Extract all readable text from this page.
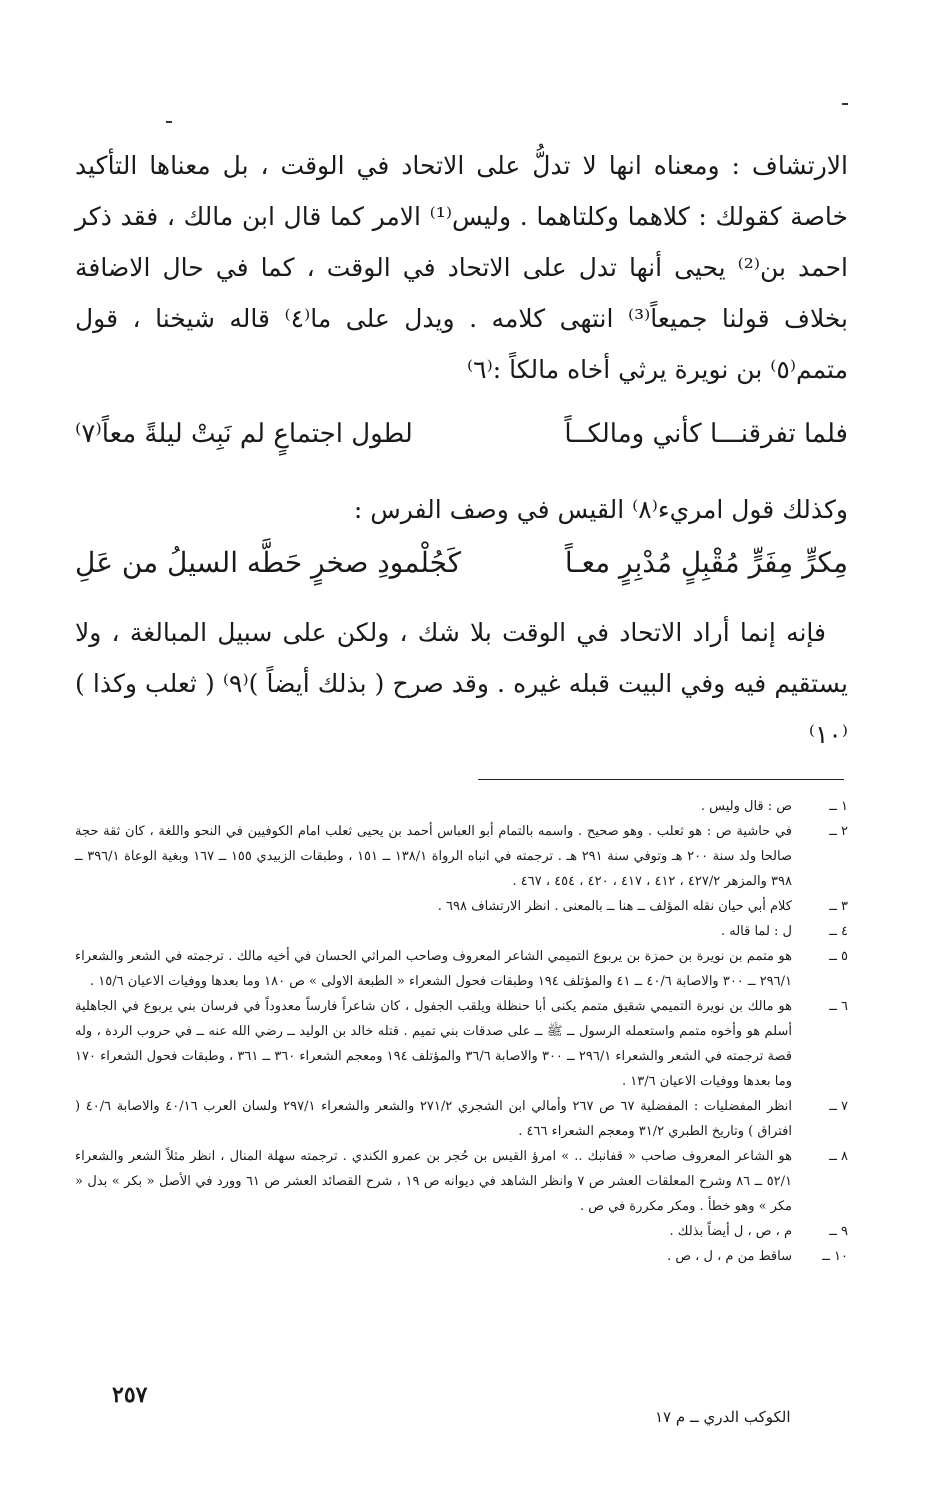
الارتشاف : ومعناه انها لا تدلُّ على الاتحاد في الوقت ، بل معناها التأكيد خاصة كقولك : كلاهما وكلتاهما . وليس⁽¹⁾ الامر كما قال ابن مالك ، فقد ذكر احمد بن⁽²⁾ يحيى أنها تدل على الاتحاد في الوقت ، كما في حال الاضافة بخلاف قولنا جميعاً⁽³⁾ انتهى كلامه . ويدل على ما⁽٤⁾ قاله شيخنا ، قول متمم⁽٥⁾ بن نويرة يرثي أخاه مالكاً :⁽٦⁾

فلما تفرقنـــا كأني ومالكــاً
لطول اجتماعٍ لم نَبِتْ ليلةً معاً⁽٧⁾

وكذلك قول امريء⁽٨⁾ القيس في وصف الفرس :

مِكرٍّ مِفَرٍّ مُقْبِلٍ مُدْبِرٍ معـاً
كَجُلْمودِ صخرٍ حَطَّه السيلُ من عَلِ

فإنه إنما أراد الاتحاد في الوقت بلا شك ، ولكن على سبيل المبالغة ، ولا يستقيم فيه وفي البيت قبله غيره . وقد صرح ( بذلك أيضاً )⁽٩⁾ ( ثعلب وكذا )⁽١٠⁾

١ ــ
ص : قال وليس .
٢ ــ
في حاشية ص : هو ثعلب . وهو صحيح . واسمه بالتمام أبو العباس أحمد بن يحيى ثعلب امام الكوفيين في النحو واللغة ، كان ثقة حجة صالحا ولد سنة ٢٠٠ هـ وتوفي سنة ٢٩١ هـ . ترجمته في انباه الرواة ١٣٨/١ ــ ١٥١ ، وطبقات الزبيدي ١٥٥ ــ ١٦٧ وبغية الوعاة ٣٩٦/١ ــ ٣٩٨ والمزهر ٤٢٧/٢ ، ٤١٢ ، ٤١٧ ، ٤٢٠ ، ٤٥٤ ، ٤٦٧ .
٣ ــ
كلام أبي حيان نقله المؤلف ــ هنا ــ بالمعنى . انظر الارتشاف ٦٩٨ .
٤ ــ
ل : لما قاله .
٥ ــ
هو متمم بن نويرة بن حمزة بن يربوع التميمي الشاعر المعروف وصاحب المراثي الحسان في أخيه مالك . ترجمته في الشعر والشعراء ٢٩٦/١ ــ ٣٠٠ والاصابة ٤٠/٦ ــ ٤١ والمؤتلف ١٩٤ وطبقات فحول الشعراء « الطبعة الاولى » ص ١٨٠ وما بعدها ووفيات الاعيان ١٥/٦ .
٦ ــ
هو مالك بن نويرة التميمي شقيق متمم يكنى أبا حنظلة ويلقب الجفول ، كان شاعراً فارساً معدوداً في فرسان بني يربوع في الجاهلية أسلم هو وأخوه متمم واستعمله الرسول ــ ﷺ ــ على صدقات بني تميم . قتله خالد بن الوليد ــ رضي الله عنه ــ في حروب الردة ، وله قصة ترجمته في الشعر والشعراء ٢٩٦/١ ــ ٣٠٠ والاصابة ٣٦/٦ والمؤتلف ١٩٤ ومعجم الشعراء ٣٦٠ ــ ٣٦١ ، وطبقات فحول الشعراء ١٧٠ وما بعدها ووفيات الاعيان ١٣/٦ .
٧ ــ
انظر المفضليات : المفضلية ٦٧ ص ٢٦٧ وأمالي ابن الشجري ٢٧١/٢ والشعر والشعراء ٢٩٧/١ ولسان العرب ٤٠/١٦ والاصابة ٤٠/٦ ( افتراق ) وتاريخ الطبري ٣١/٢ ومعجم الشعراء ٤٦٦ .
٨ ــ
هو الشاعر المعروف صاحب « قفانبك .. » امرؤ القيس بن حُجر بن عمرو الكندي . ترجمته سهلة المنال ، انظر مثلاً الشعر والشعراء ٥٢/١ ــ ٨٦ وشرح المعلقات العشر ص ٧ وانظر الشاهد في ديوانه ص ١٩ ، شرح القصائد العشر ص ٦١ وورد في الأصل « بكر » بدل « مكر » وهو خطأ . ومكر مكررة في ص .
٩ ــ
م ، ص ، ل أيضاً بذلك .
١٠ ــ
ساقط من م ، ل ، ص .
٢٥٧
الكوكب الدري ــ م ١٧
